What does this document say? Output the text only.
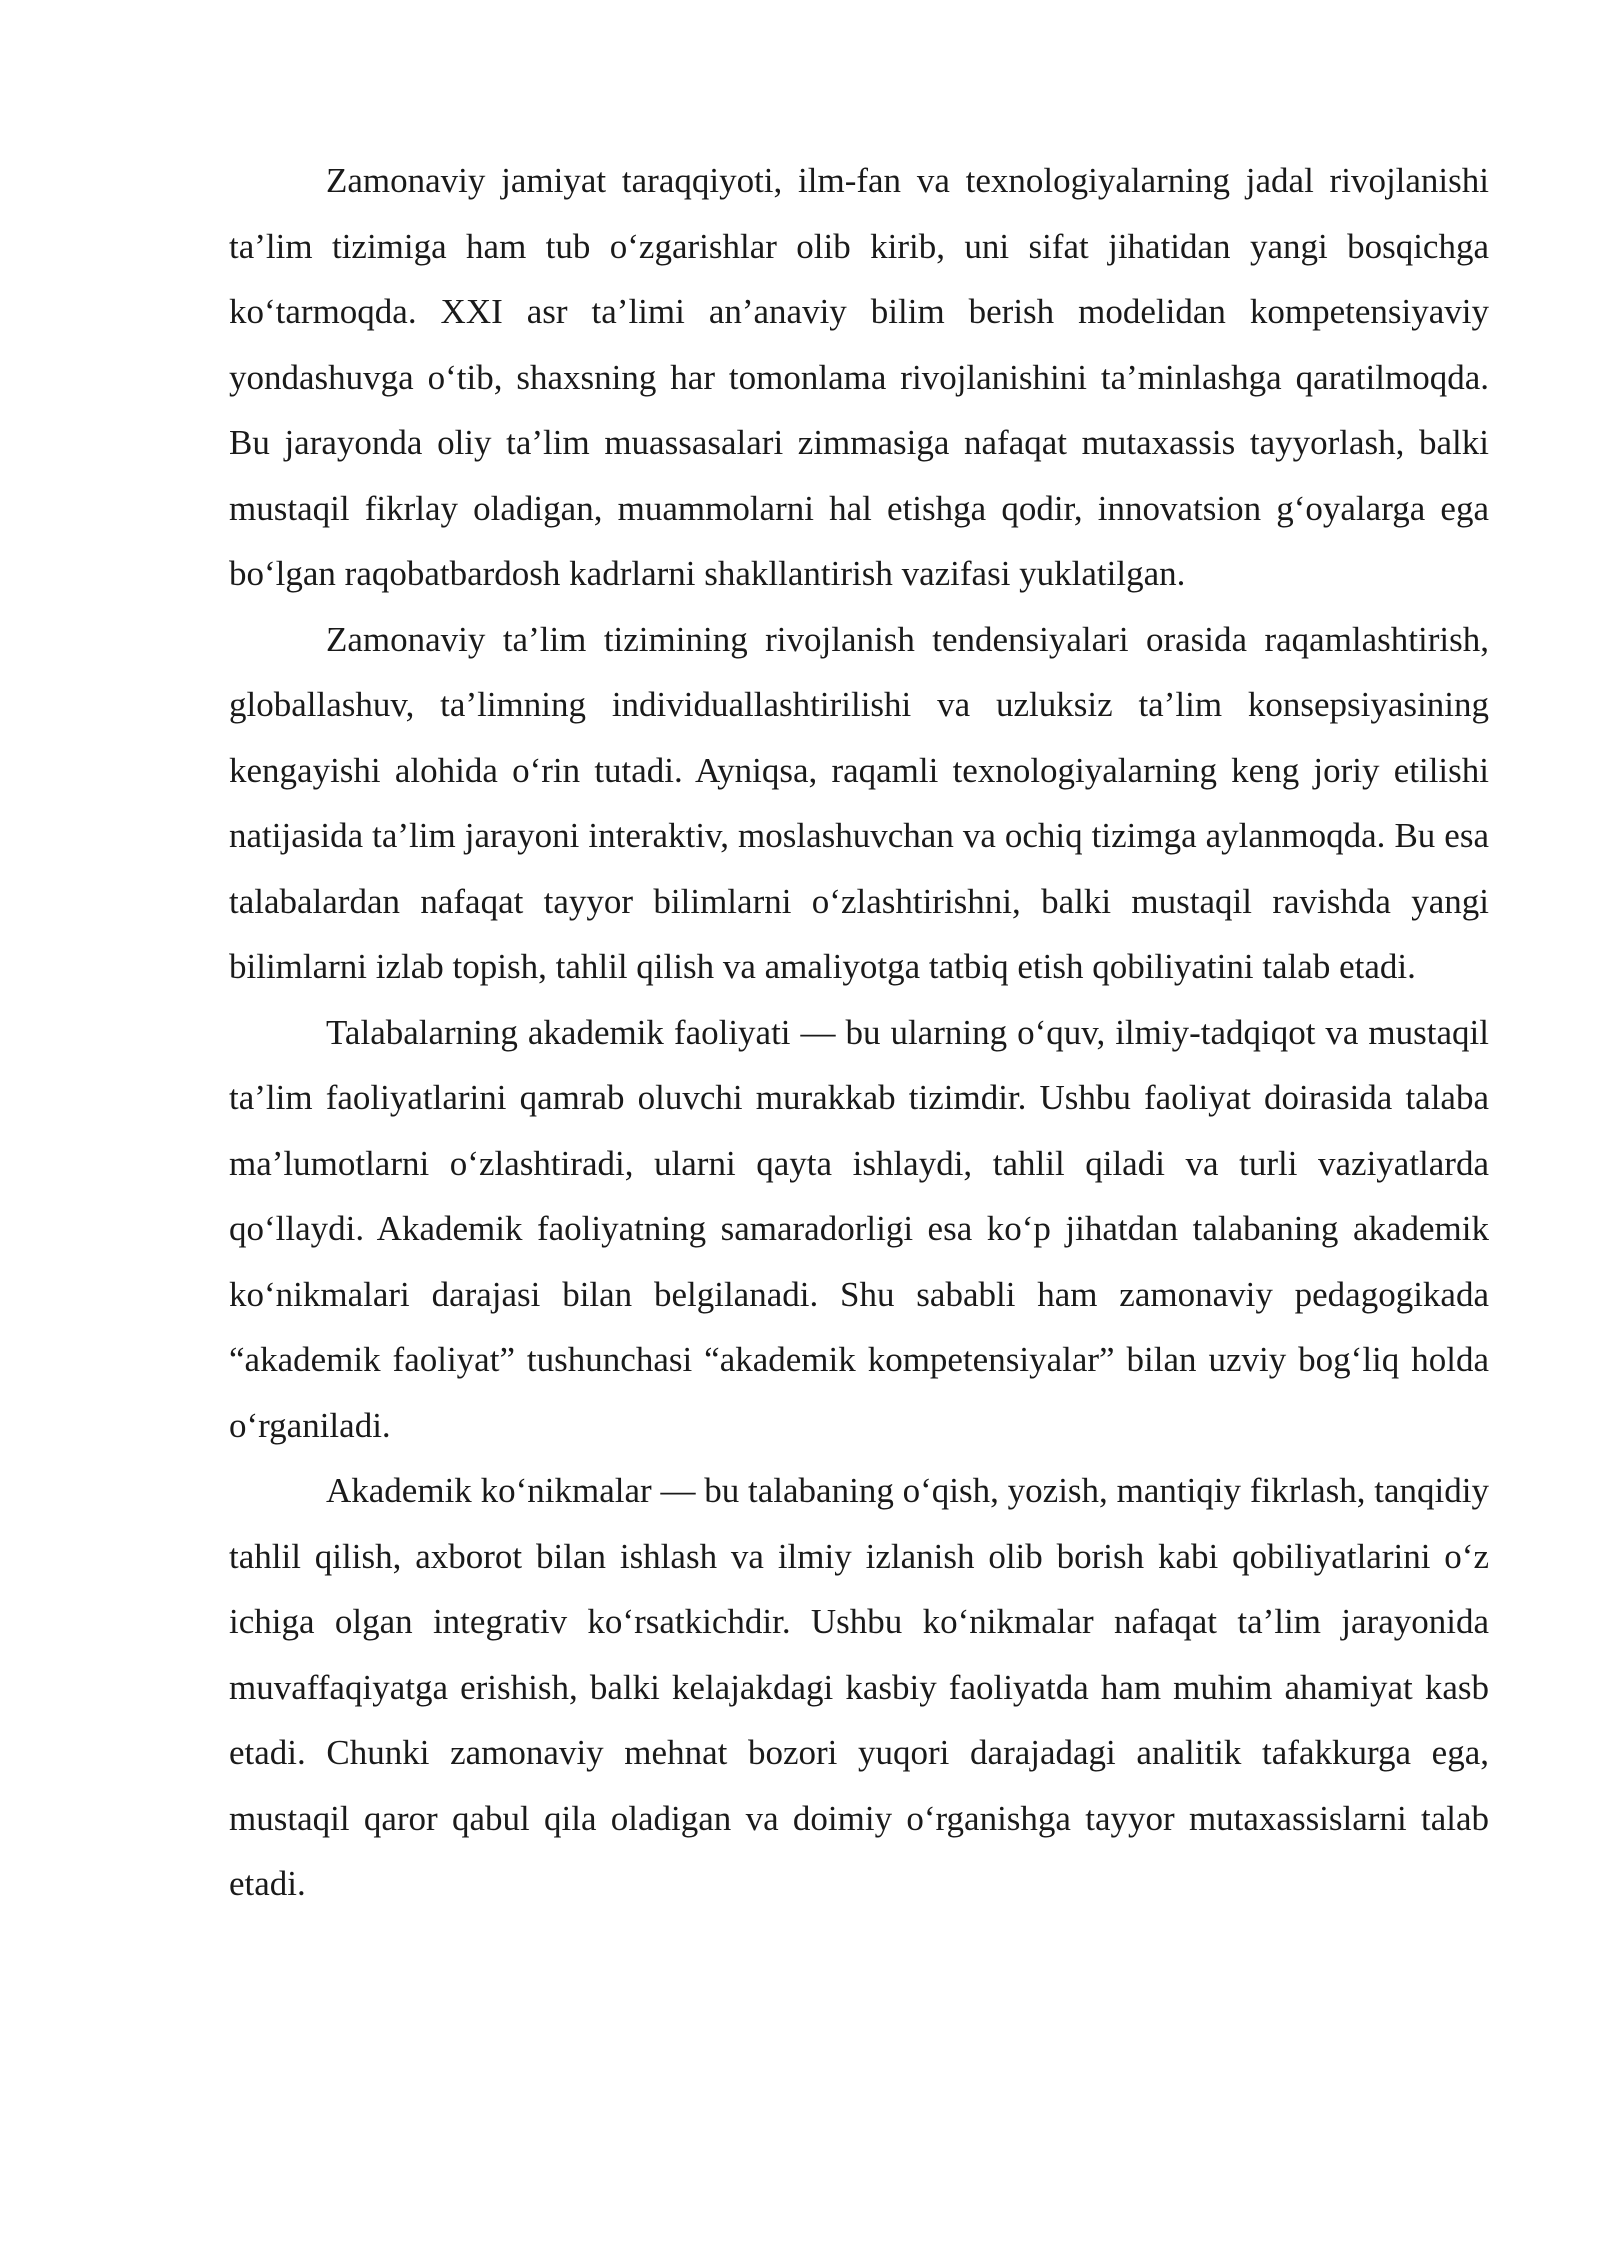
Zamonaviy jamiyat taraqqiyoti, ilm-fan va texnologiyalarning jadal rivojlanishi ta’lim tizimiga ham tub o‘zgarishlar olib kirib, uni sifat jihatidan yangi bosqichga ko‘tarmoqda. XXI asr ta’limi an’anaviy bilim berish modelidan kompetensiyaviy yondashuvga o‘tib, shaxsning har tomonlama rivojlanishini ta’minlashga qaratilmoqda. Bu jarayonda oliy ta’lim muassasalari zimmasiga nafaqat mutaxassis tayyorlash, balki mustaqil fikrlay oladigan, muammolarni hal etishga qodir, innovatsion g‘oyalarga ega bo‘lgan raqobatbardosh kadrlarni shakllantirish vazifasi yuklatilgan.

Zamonaviy ta’lim tizimining rivojlanish tendensiyalari orasida raqamlashtirish, globallashuv, ta’limning individuallashtirilishi va uzluksiz ta’lim konsepsiyasining kengayishi alohida o‘rin tutadi. Ayniqsa, raqamli texnologiyalarning keng joriy etilishi natijasida ta’lim jarayoni interaktiv, moslashuvchan va ochiq tizimga aylanmoqda. Bu esa talabalardan nafaqat tayyor bilimlarni o‘zlashtirishni, balki mustaqil ravishda yangi bilimlarni izlab topish, tahlil qilish va amaliyotga tatbiq etish qobiliyatini talab etadi.

Talabalarning akademik faoliyati — bu ularning o‘quv, ilmiy-tadqiqot va mustaqil ta’lim faoliyatlarini qamrab oluvchi murakkab tizimdir. Ushbu faoliyat doirasida talaba ma’lumotlarni o‘zlashtiradi, ularni qayta ishlaydi, tahlil qiladi va turli vaziyatlarda qo‘llaydi. Akademik faoliyatning samaradorligi esa ko‘p jihatdan talabaning akademik ko‘nikmalari darajasi bilan belgilanadi. Shu sababli ham zamonaviy pedagogikada “akademik faoliyat” tushunchasi “akademik kompetensiyalar” bilan uzviy bog‘liq holda o‘rganiladi.

Akademik ko‘nikmalar — bu talabaning o‘qish, yozish, mantiqiy fikrlash, tanqidiy tahlil qilish, axborot bilan ishlash va ilmiy izlanish olib borish kabi qobiliyatlarini o‘z ichiga olgan integrativ ko‘rsatkichdir. Ushbu ko‘nikmalar nafaqat ta’lim jarayonida muvaffaqiyatga erishish, balki kelajakdagi kasbiy faoliyatda ham muhim ahamiyat kasb etadi. Chunki zamonaviy mehnat bozori yuqori darajadagi analitik tafakkurga ega, mustaqil qaror qabul qila oladigan va doimiy o‘rganishga tayyor mutaxassislarni talab etadi.
